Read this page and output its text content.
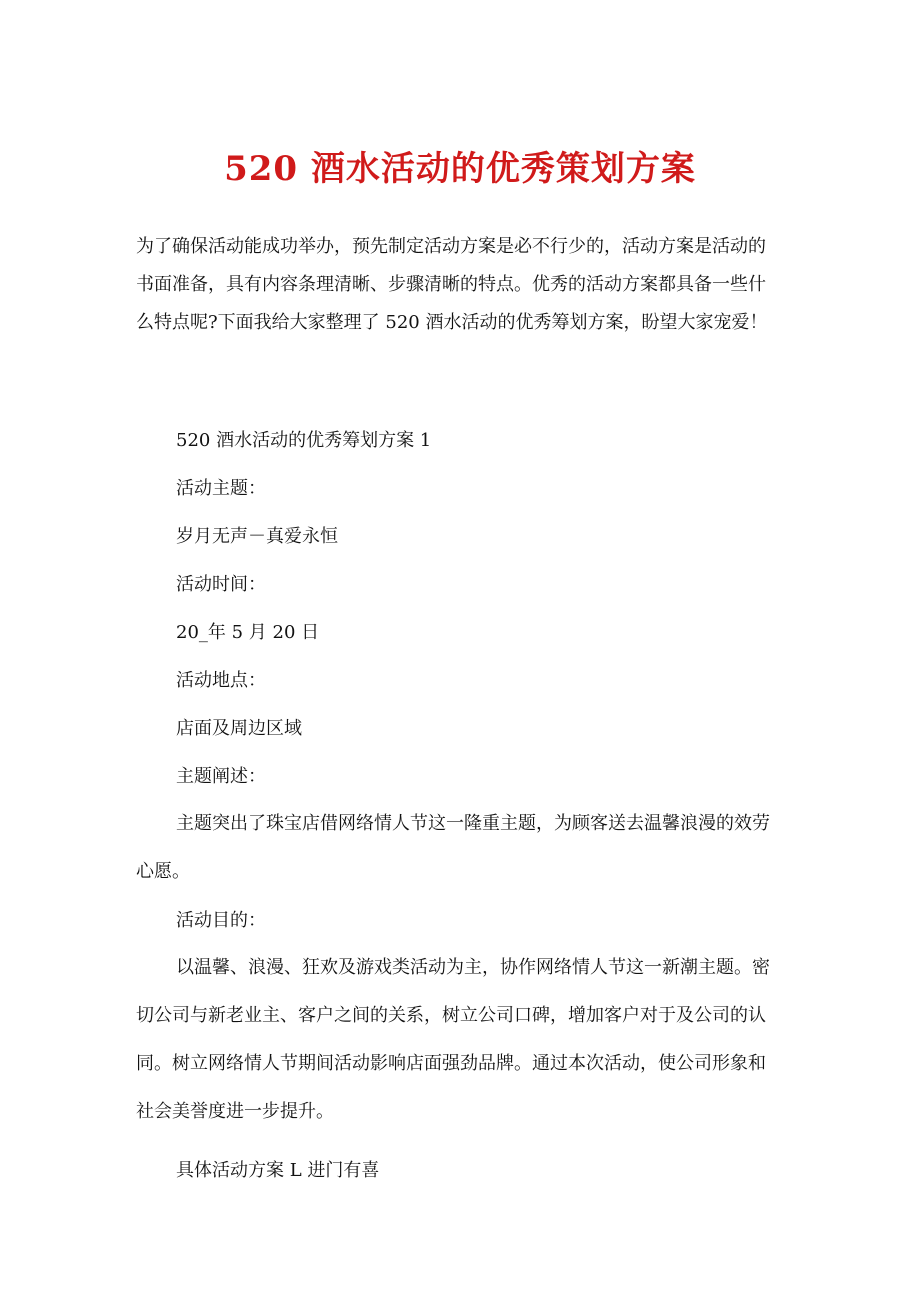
520 酒水活动的优秀策划方案
为了确保活动能成功举办，预先制定活动方案是必不行少的，活动方案是活动的
书面准备，具有内容条理清晰、步骤清晰的特点。优秀的活动方案都具备一些什
么特点呢?下面我给大家整理了 520 酒水活动的优秀筹划方案，盼望大家宠爱！
520 酒水活动的优秀筹划方案 1
活动主题：
岁月无声－真爱永恒
活动时间：
20_年 5 月 20 日
活动地点：
店面及周边区域
主题阐述：
主题突出了珠宝店借网络情人节这一隆重主题，为顾客送去温馨浪漫的效劳
心愿。
活动目的：
以温馨、浪漫、狂欢及游戏类活动为主，协作网络情人节这一新潮主题。密
切公司与新老业主、客户之间的关系，树立公司口碑，增加客户对于及公司的认
同。树立网络情人节期间活动影响店面强劲品牌。通过本次活动，使公司形象和
社会美誉度进一步提升。
具体活动方案 L 进门有喜
